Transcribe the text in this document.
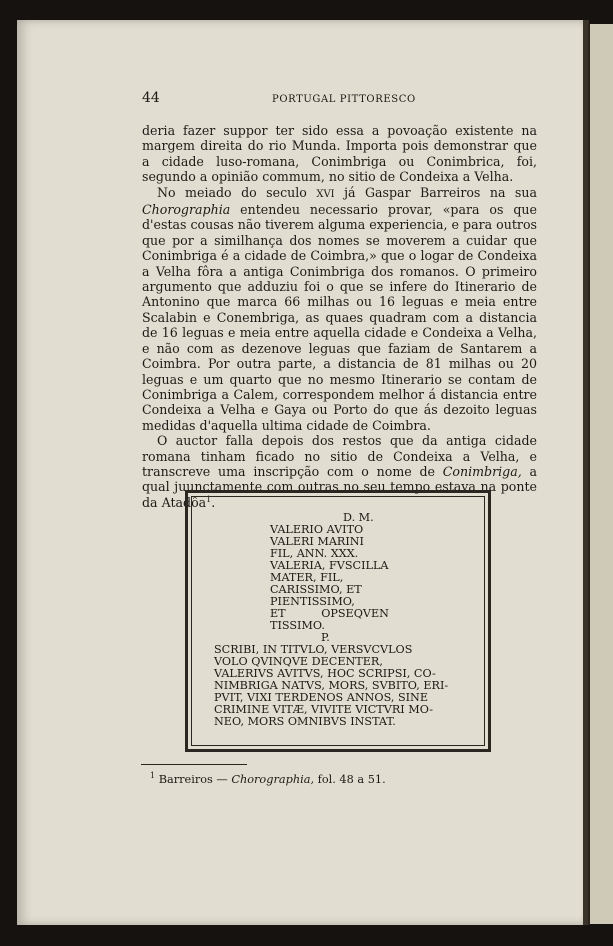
44	PORTUGAL PITTORESCO

deria fazer suppor ter sido essa a povoação existente na margem direita do rio Munda. Importa pois demonstrar que a cidade luso-romana, Conimbriga ou Conimbrica, foi, segundo a opinião commum, no sitio de Condeixa a Velha.

No meiado do seculo XVI já Gaspar Barreiros na sua Chorographia entendeu necessario provar, «para os que d'estas cousas não tiverem alguma experiencia, e para outros que por a similhança dos nomes se moverem a cuidar que Conimbriga é a cidade de Coimbra,» que o logar de Condeixa a Velha fôra a antiga Conimbriga dos romanos. O primeiro argumento que adduziu foi o que se infere do Itinerario de Antonino que marca 66 milhas ou 16 leguas e meia entre Scalabin e Conembriga, as quaes quadram com a distancia de 16 leguas e meia entre aquella cidade e Condeixa a Velha, e não com as dezenove leguas que faziam de Santarem a Coimbra. Por outra parte, a distancia de 81 milhas ou 20 leguas e um quarto que no mesmo Itinerario se contam de Conimbriga a Calem, correspondem melhor á distancia entre Condeixa a Velha e Gaya ou Porto do que ás dezoito leguas medidas d'aquella ultima cidade de Coimbra.

O auctor falla depois dos restos que da antiga cidade romana tinham ficado no sitio de Condeixa a Velha, e transcreve uma inscripção com o nome de Conimbriga, a qual juunctamente com outras no seu tempo estava na ponte da Atadôa$^1$.

D. M.
VALERIO AVITO
VALERI MARINI
FIL, ANN. XXX.
VALERIA, FVSCILLA
MATER, FIL,
CARISSIMO, ET
PIENTISSIMO,
ET          OPSEQVEN
TISSIMO.
P.
SCRIBI, IN TITVLO, VERSVCVLOS
VOLO QVINQVE DECENTER,
VALERIVS AVITVS, HOC SCRIPSI, CO-
NIMBRIGA NATVS, MORS, SVBITO, ERI-
PVIT, VIXI TERDENOS ANNOS, SINE
CRIMINE VITÆ, VIVITE VICTVRI MO-
NEO, MORS OMNIBVS INSTAT.
$^1$ Barreiros — Chorographia, fol. 48 a 51.
